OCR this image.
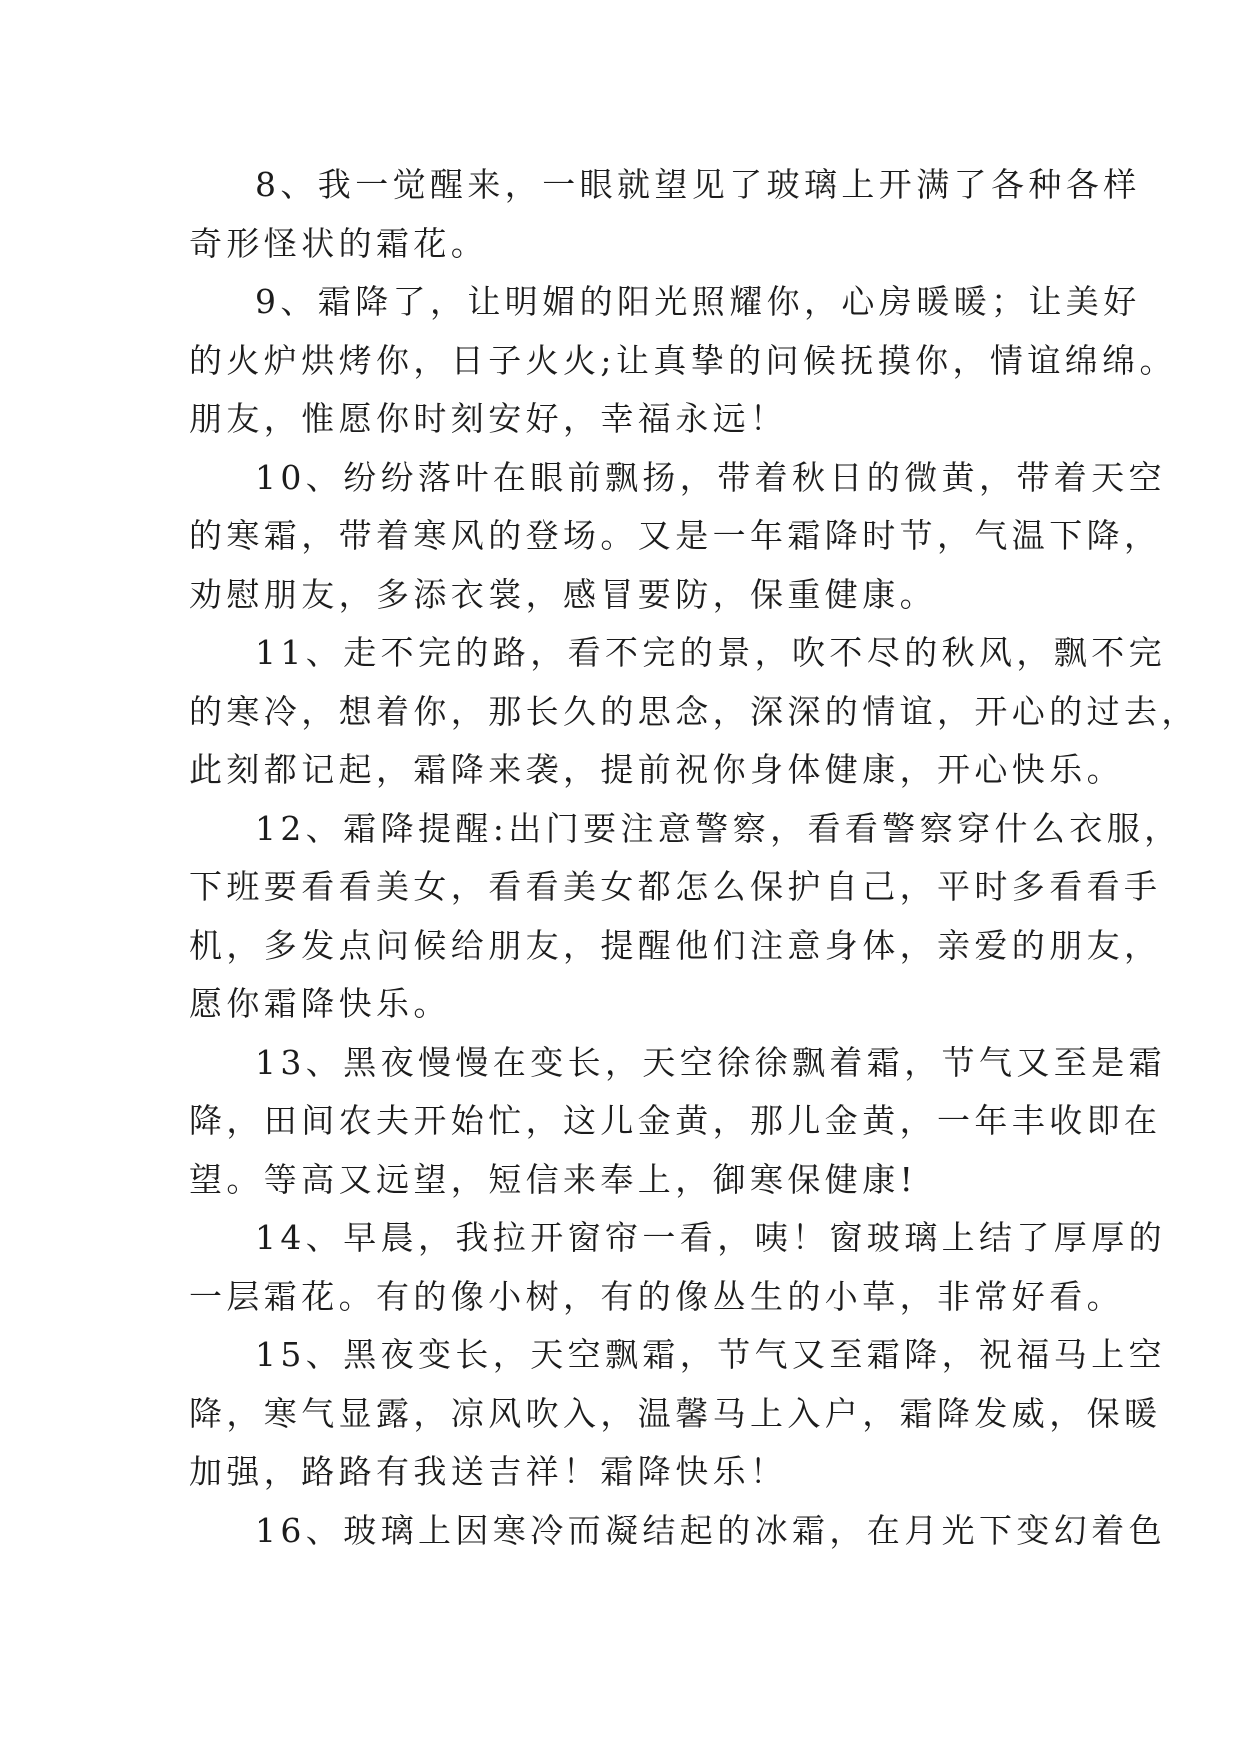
8、我一觉醒来，一眼就望见了玻璃上开满了各种各样
奇形怪状的霜花。
9、霜降了，让明媚的阳光照耀你，心房暖暖；让美好
的火炉烘烤你，日子火火;让真挚的问候抚摸你，情谊绵绵。
朋友，惟愿你时刻安好，幸福永远！
10、纷纷落叶在眼前飘扬，带着秋日的微黄，带着天空
的寒霜，带着寒风的登场。又是一年霜降时节，气温下降，
劝慰朋友，多添衣裳，感冒要防，保重健康。
11、走不完的路，看不完的景，吹不尽的秋风，飘不完
的寒冷，想着你，那长久的思念，深深的情谊，开心的过去，
此刻都记起，霜降来袭，提前祝你身体健康，开心快乐。
12、霜降提醒:出门要注意警察，看看警察穿什么衣服，
下班要看看美女，看看美女都怎么保护自己，平时多看看手
机，多发点问候给朋友，提醒他们注意身体，亲爱的朋友，
愿你霜降快乐。
13、黑夜慢慢在变长，天空徐徐飘着霜，节气又至是霜
降，田间农夫开始忙，这儿金黄，那儿金黄，一年丰收即在
望。等高又远望，短信来奉上，御寒保健康!
14、早晨，我拉开窗帘一看，咦！窗玻璃上结了厚厚的
一层霜花。有的像小树，有的像丛生的小草，非常好看。
15、黑夜变长，天空飘霜，节气又至霜降，祝福马上空
降，寒气显露，凉风吹入，温馨马上入户，霜降发威，保暖
加强，路路有我送吉祥！霜降快乐！
16、玻璃上因寒冷而凝结起的冰霜，在月光下变幻着色
